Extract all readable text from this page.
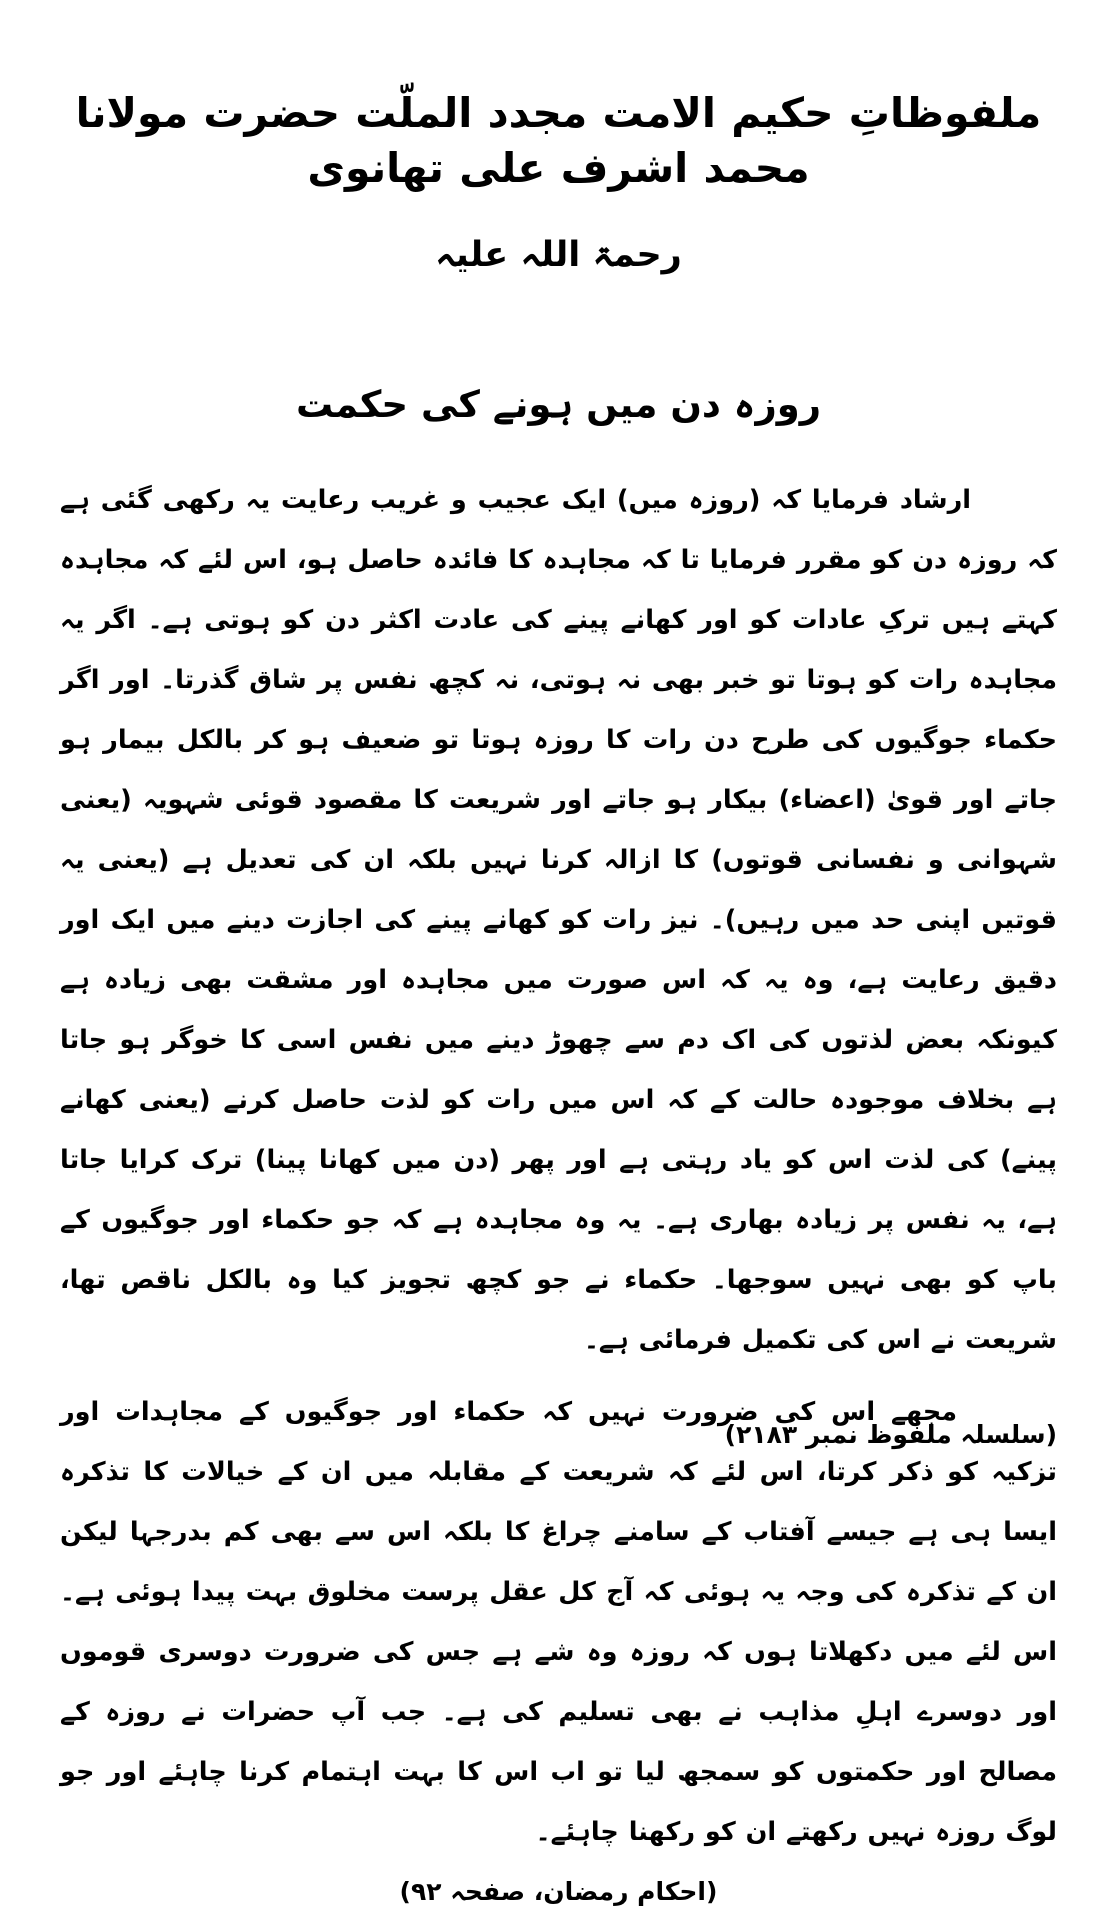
ملفوظاتِ حکیم الامت مجدد الملّت حضرت مولانا محمد اشرف علی تھانوی
رحمۃ اللہ علیہ
روزہ دن میں ہونے کی حکمت

ارشاد فرمایا کہ (روزہ میں) ایک عجیب و غریب رعایت یہ رکھی گئی ہے کہ روزہ دن کو مقرر فرمایا تا کہ مجاہدہ کا فائدہ حاصل ہو، اس لئے کہ مجاہدہ کہتے ہیں ترکِ عادات کو اور کھانے پینے کی عادت اکثر دن کو ہوتی ہے۔ اگر یہ مجاہدہ رات کو ہوتا تو خبر بھی نہ ہوتی، نہ کچھ نفس پر شاق گذرتا۔ اور اگر حکماء جوگیوں کی طرح دن رات کا روزہ ہوتا تو ضعیف ہو کر بالکل بیمار ہو جاتے اور قویٰ (اعضاء) بیکار ہو جاتے اور شریعت کا مقصود قوئی شہویہ (یعنی شہوانی و نفسانی قوتوں) کا ازالہ کرنا نہیں بلکہ ان کی تعدیل ہے (یعنی یہ قوتیں اپنی حد میں رہیں)۔ نیز رات کو کھانے پینے کی اجازت دینے میں ایک اور دقیق رعایت ہے، وہ یہ کہ اس صورت میں مجاہدہ اور مشقت بھی زیادہ ہے کیونکہ بعض لذتوں کی اک دم سے چھوڑ دینے میں نفس اسی کا خوگر ہو جاتا ہے بخلاف موجودہ حالت کے کہ اس میں رات کو لذت حاصل کرنے (یعنی کھانے پینے) کی لذت اس کو یاد رہتی ہے اور پھر (دن میں کھانا پینا) ترک کرایا جاتا ہے، یہ نفس پر زیادہ بھاری ہے۔ یہ وہ مجاہدہ ہے کہ جو حکماء اور جوگیوں کے باپ کو بھی نہیں سوجھا۔ حکماء نے جو کچھ تجویز کیا وہ بالکل ناقص تھا، شریعت نے اس کی تکمیل فرمائی ہے۔

مجھے اس کی ضرورت نہیں کہ حکماء اور جوگیوں کے مجاہدات اور تزکیہ کو ذکر کرتا، اس لئے کہ شریعت کے مقابلہ میں ان کے خیالات کا تذکرہ ایسا ہی ہے جیسے آفتاب کے سامنے چراغ کا بلکہ اس سے بھی کم بدرجہا لیکن ان کے تذکرہ کی وجہ یہ ہوئی کہ آج کل عقل پرست مخلوق بہت پیدا ہوئی ہے۔ اس لئے میں دکھلاتا ہوں کہ روزہ وہ شے ہے جس کی ضرورت دوسری قوموں اور دوسرے اہلِ مذاہب نے بھی تسلیم کی ہے۔ جب آپ حضرات نے روزہ کے مصالح اور حکمتوں کو سمجھ لیا تو اب اس کا بہت اہتمام کرنا چاہئے اور جو لوگ روزہ نہیں رکھتے ان کو رکھنا چاہئے۔

(احکام رمضان، صفحہ ۹۲)

(سلسلہ ملفوظ نمبر ۲۱۸۳)
